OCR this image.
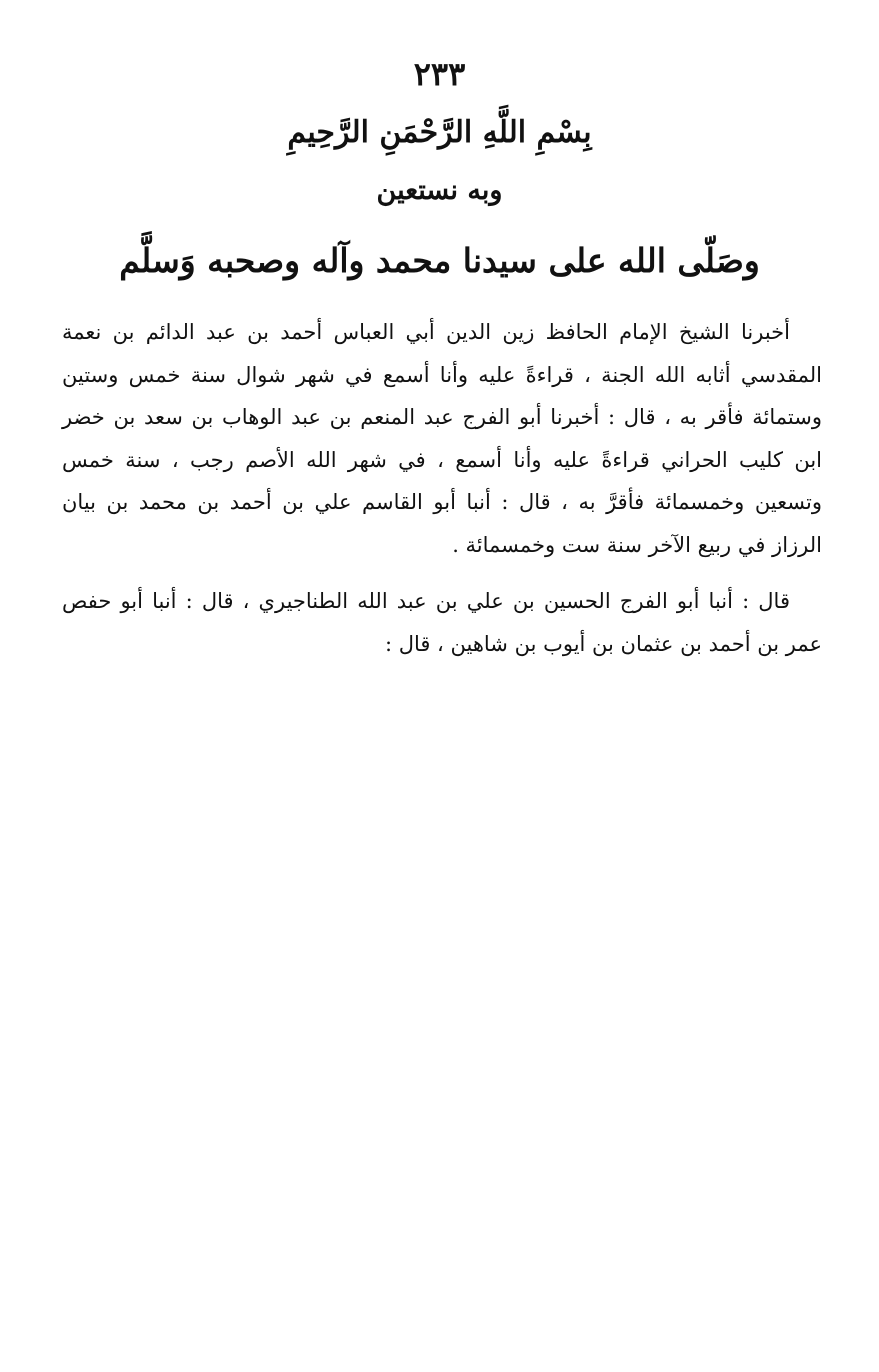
٢٣٣
بِسْمِ اللَّهِ الرَّحْمَنِ الرَّحِيمِ
وبه نستعين
وصَلّى الله على سيدنا محمد وآله وصحبه وَسلَّم
أخبرنا الشيخ الإمام الحافظ زين الدين أبي العباس أحمد بن عبد الدائم بن نعمة
المقدسي أثابه الله الجنة ، قراءةً عليه وأنا أسمع في شهر شوال سنة خمس وستين
وستمائة فأقر به ، قال : أخبرنا أبو الفرج عبد المنعم بن عبد الوهاب بن سعد بن خضر
ابن كليب الحراني قراءةً عليه وأنا أسمع ، في شهر الله الأصم رجب ، سنة خمس
وتسعين وخمسمائة فأقرَّ به ، قال : أنبا أبو القاسم علي بن أحمد بن محمد بن بيان
الرزاز في ربيع الآخر سنة ست وخمسمائة .
قال : أنبا أبو الفرج الحسين بن علي بن عبد الله الطناجيري ، قال : أنبا أبو حفص
عمر بن أحمد بن عثمان بن أيوب بن شاهين ، قال :
